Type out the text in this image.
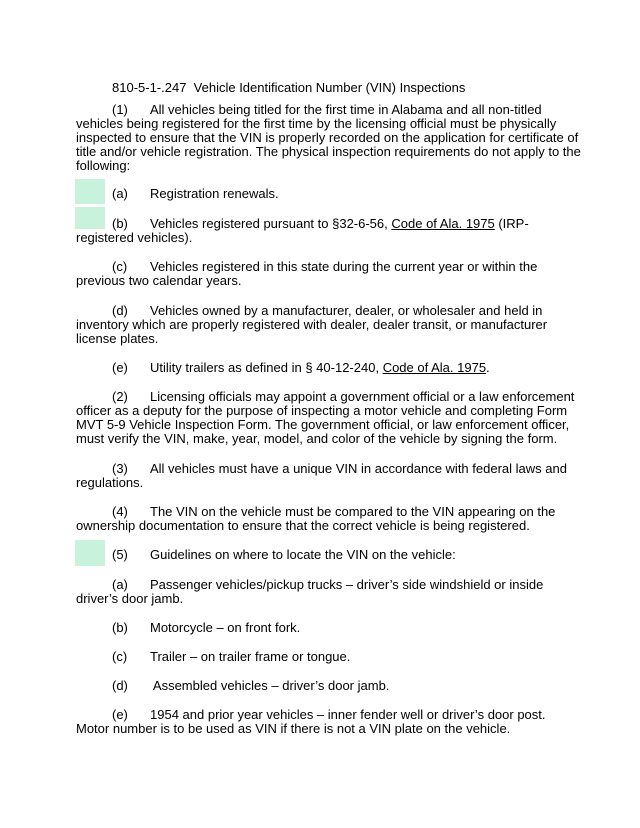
810-5-1-.247  Vehicle Identification Number (VIN) Inspections
(1) All vehicles being titled for the first time in Alabama and all non-titled
vehicles being registered for the first time by the licensing official must be physically
inspected to ensure that the VIN is properly recorded on the application for certificate of
title and/or vehicle registration. The physical inspection requirements do not apply to the
following:
(a) Registration renewals.
(b) Vehicles registered pursuant to §32-6-56, Code of Ala. 1975 (IRP-
registered vehicles).
(c) Vehicles registered in this state during the current year or within the
previous two calendar years.
(d) Vehicles owned by a manufacturer, dealer, or wholesaler and held in
inventory which are properly registered with dealer, dealer transit, or manufacturer
license plates.
(e) Utility trailers as defined in § 40-12-240, Code of Ala. 1975.
(2) Licensing officials may appoint a government official or a law enforcement
officer as a deputy for the purpose of inspecting a motor vehicle and completing Form
MVT 5-9 Vehicle Inspection Form. The government official, or law enforcement officer,
must verify the VIN, make, year, model, and color of the vehicle by signing the form.
(3) All vehicles must have a unique VIN in accordance with federal laws and
regulations.
(4) The VIN on the vehicle must be compared to the VIN appearing on the
ownership documentation to ensure that the correct vehicle is being registered.
(5) Guidelines on where to locate the VIN on the vehicle:
(a) Passenger vehicles/pickup trucks – driver’s side windshield or inside
driver’s door jamb.
(b) Motorcycle – on front fork.
(c) Trailer – on trailer frame or tongue.
(d) Assembled vehicles – driver’s door jamb.
(e) 1954 and prior year vehicles – inner fender well or driver’s door post.
Motor number is to be used as VIN if there is not a VIN plate on the vehicle.
